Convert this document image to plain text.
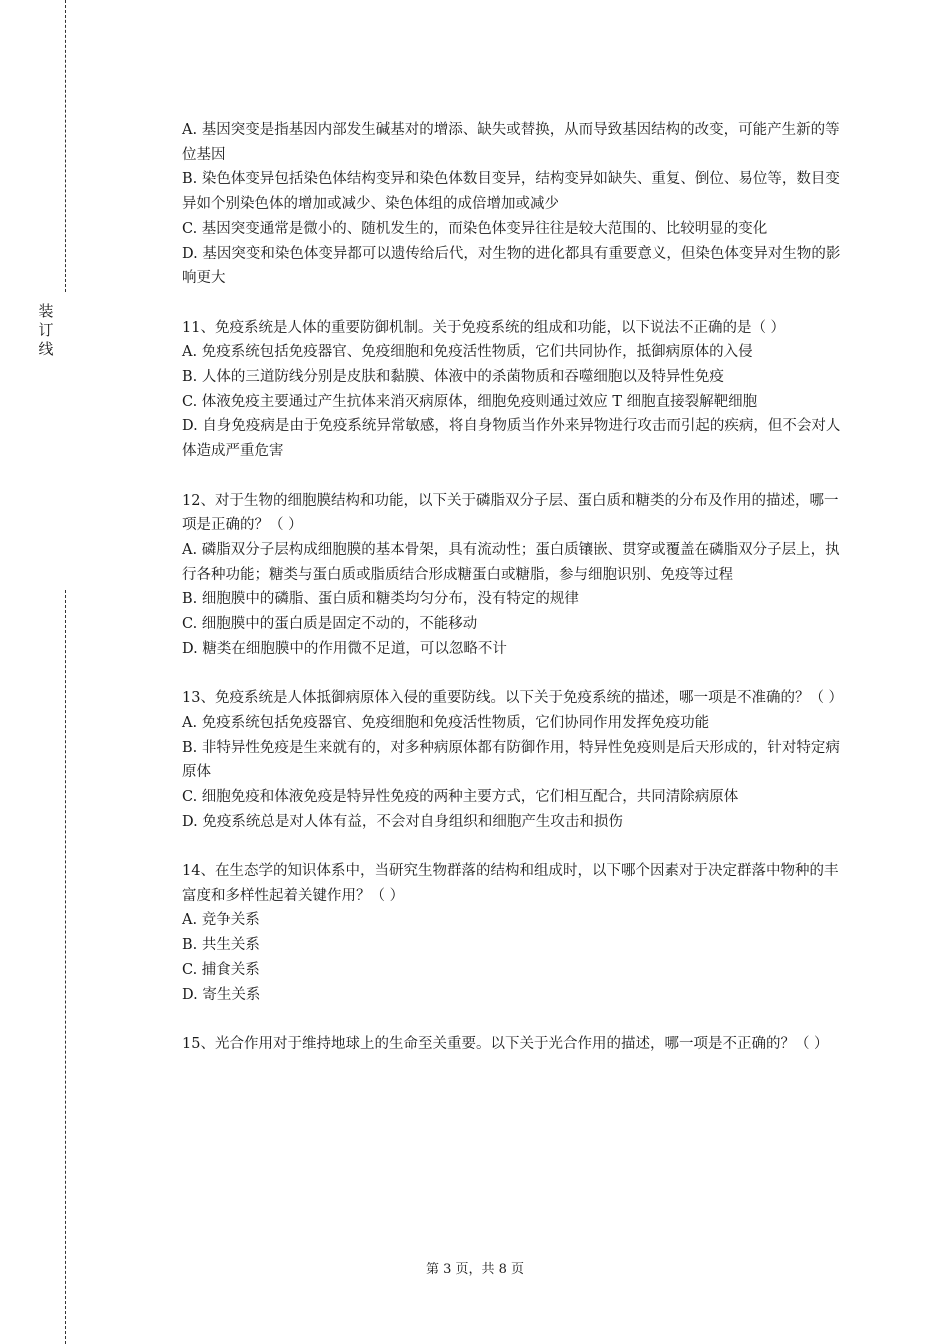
装
订
线

A. 基因突变是指基因内部发生碱基对的增添、缺失或替换，从而导致基因结构的改变，可能产生新的等位基因

B. 染色体变异包括染色体结构变异和染色体数目变异，结构变异如缺失、重复、倒位、易位等，数目变异如个别染色体的增加或减少、染色体组的成倍增加或减少

C. 基因突变通常是微小的、随机发生的，而染色体变异往往是较大范围的、比较明显的变化

D. 基因突变和染色体变异都可以遗传给后代，对生物的进化都具有重要意义，但染色体变异对生物的影响更大

11、免疫系统是人体的重要防御机制。关于免疫系统的组成和功能，以下说法不正确的是（ ）

A. 免疫系统包括免疫器官、免疫细胞和免疫活性物质，它们共同协作，抵御病原体的入侵

B. 人体的三道防线分别是皮肤和黏膜、体液中的杀菌物质和吞噬细胞以及特异性免疫

C. 体液免疫主要通过产生抗体来消灭病原体，细胞免疫则通过效应 T 细胞直接裂解靶细胞

D. 自身免疫病是由于免疫系统异常敏感，将自身物质当作外来异物进行攻击而引起的疾病，但不会对人体造成严重危害

12、对于生物的细胞膜结构和功能，以下关于磷脂双分子层、蛋白质和糖类的分布及作用的描述，哪一项是正确的？（ ）

A. 磷脂双分子层构成细胞膜的基本骨架，具有流动性；蛋白质镶嵌、贯穿或覆盖在磷脂双分子层上，执行各种功能；糖类与蛋白质或脂质结合形成糖蛋白或糖脂，参与细胞识别、免疫等过程

B. 细胞膜中的磷脂、蛋白质和糖类均匀分布，没有特定的规律

C. 细胞膜中的蛋白质是固定不动的，不能移动

D. 糖类在细胞膜中的作用微不足道，可以忽略不计

13、免疫系统是人体抵御病原体入侵的重要防线。以下关于免疫系统的描述，哪一项是不准确的？（ ）

A. 免疫系统包括免疫器官、免疫细胞和免疫活性物质，它们协同作用发挥免疫功能

B. 非特异性免疫是生来就有的，对多种病原体都有防御作用，特异性免疫则是后天形成的，针对特定病原体

C. 细胞免疫和体液免疫是特异性免疫的两种主要方式，它们相互配合，共同清除病原体

D. 免疫系统总是对人体有益，不会对自身组织和细胞产生攻击和损伤

14、在生态学的知识体系中，当研究生物群落的结构和组成时，以下哪个因素对于决定群落中物种的丰富度和多样性起着关键作用？（ ）

A. 竞争关系

B. 共生关系

C. 捕食关系

D. 寄生关系

15、光合作用对于维持地球上的生命至关重要。以下关于光合作用的描述，哪一项是不正确的？（ ）

第 3 页，共 8 页
